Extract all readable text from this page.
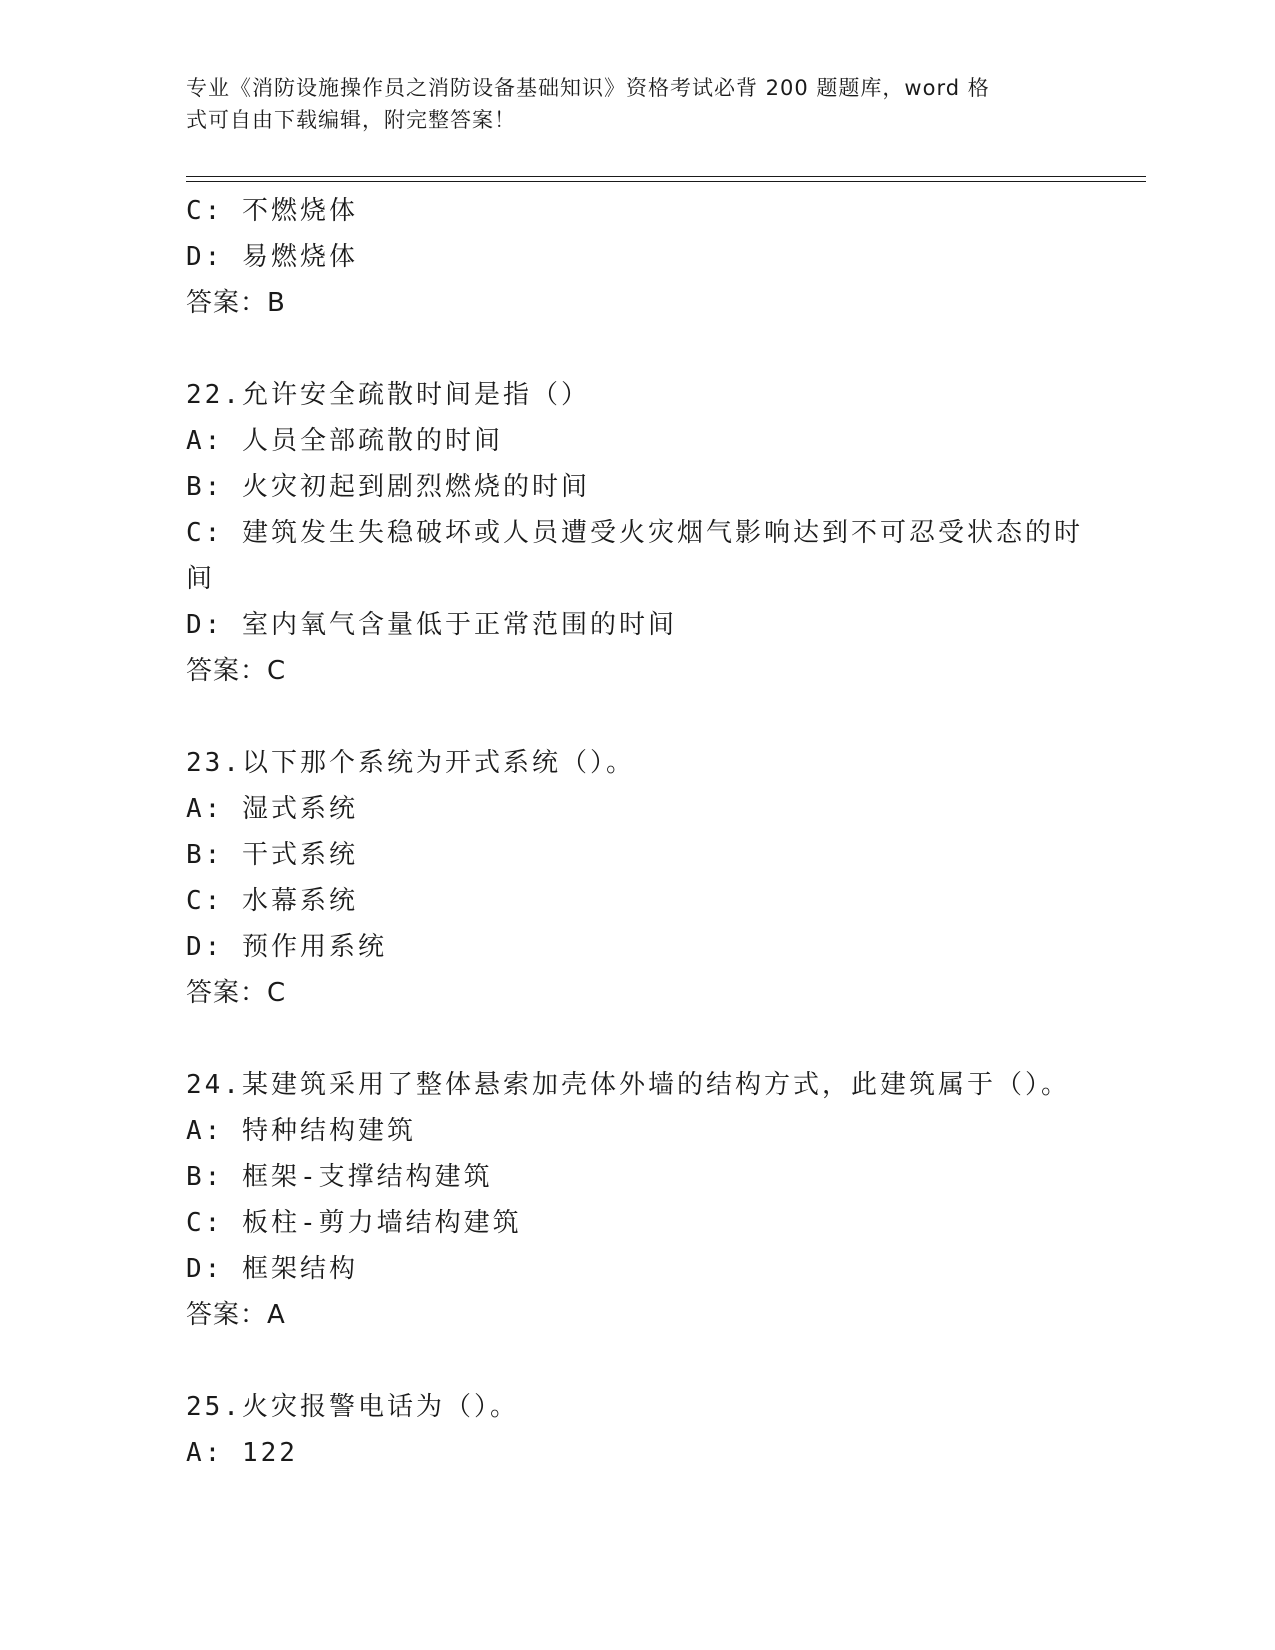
专业《消防设施操作员之消防设备基础知识》资格考试必背 200 题题库，word 格
式可自由下载编辑，附完整答案！
C: 不燃烧体
D: 易燃烧体
答案：B
22.允许安全疏散时间是指（）
A: 人员全部疏散的时间
B: 火灾初起到剧烈燃烧的时间
C: 建筑发生失稳破坏或人员遭受火灾烟气影响达到不可忍受状态的时
间
D: 室内氧气含量低于正常范围的时间
答案：C
23.以下那个系统为开式系统（）。
A: 湿式系统
B: 干式系统
C: 水幕系统
D: 预作用系统
答案：C
24.某建筑采用了整体悬索加壳体外墙的结构方式，此建筑属于（）。
A: 特种结构建筑
B: 框架-支撑结构建筑
C: 板柱-剪力墙结构建筑
D: 框架结构
答案：A
25.火灾报警电话为（）。
A: 122
